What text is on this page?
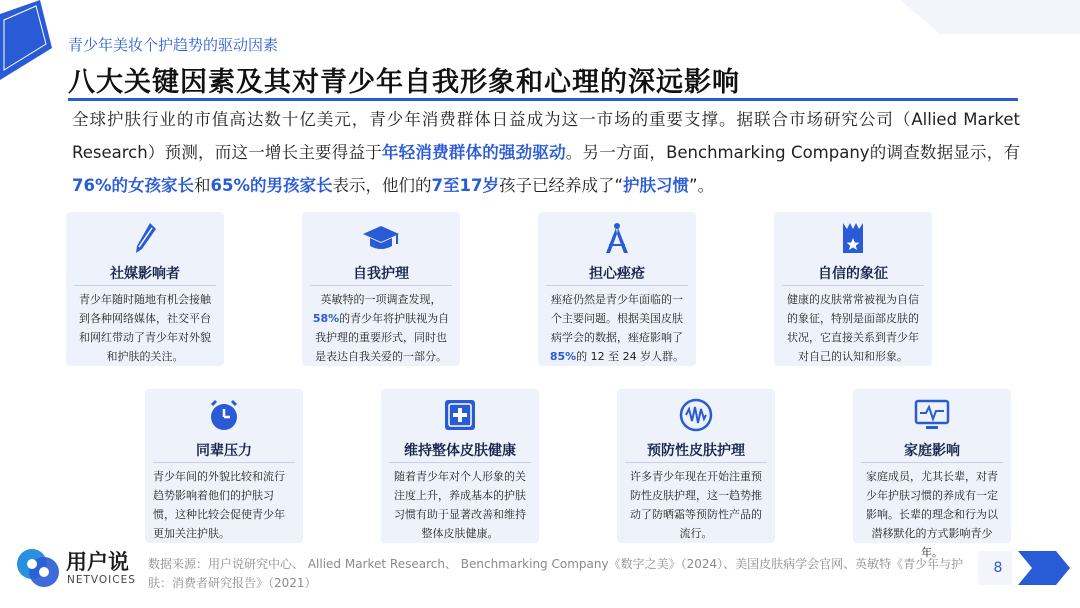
青少年美妆个护趋势的驱动因素
八大关键因素及其对青少年自我形象和心理的深远影响
全球护肤行业的市值高达数十亿美元，青少年消费群体日益成为这一市场的重要支撑。据联合市场研究公司（Allied Market Research）预测，而这一增长主要得益于年轻消费群体的强劲驱动。另一方面，Benchmarking Company的调查数据显示，有76%的女孩家长和65%的男孩家长表示，他们的7至17岁孩子已经养成了“护肤习惯”。
社媒影响者
青少年随时随地有机会接触到各种网络媒体，社交平台和网红带动了青少年对外貌和护肤的关注。
自我护理
英敏特的一项调查发现，58%的青少年将护肤视为自我护理的重要形式，同时也是表达自我关爱的一部分。
担心痤疮
痤疮仍然是青少年面临的一个主要问题。根据美国皮肤病学会的数据，痤疮影响了85%的 12 至 24 岁人群。
自信的象征
健康的皮肤常常被视为自信的象征，特别是面部皮肤的状况，它直接关系到青少年对自己的认知和形象。
同辈压力
青少年间的外貌比较和流行趋势影响着他们的护肤习惯，这种比较会促使青少年更加关注护肤。
维持整体皮肤健康
随着青少年对个人形象的关注度上升，养成基本的护肤习惯有助于显著改善和维持整体皮肤健康。
预防性皮肤护理
许多青少年现在开始注重预防性皮肤护理，这一趋势推动了防晒霜等预防性产品的流行。
家庭影响
家庭成员，尤其长辈，对青少年护肤习惯的养成有一定影响。长辈的理念和行为以潜移默化的方式影响青少年。
用户说
NETVOICES
数据来源：用户说研究中心、 Allied Market Research、 Benchmarking Company《数字之美》（2024）、美国皮肤病学会官网、英敏特《青少年与护肤：消费者研究报告》（2021）
8
